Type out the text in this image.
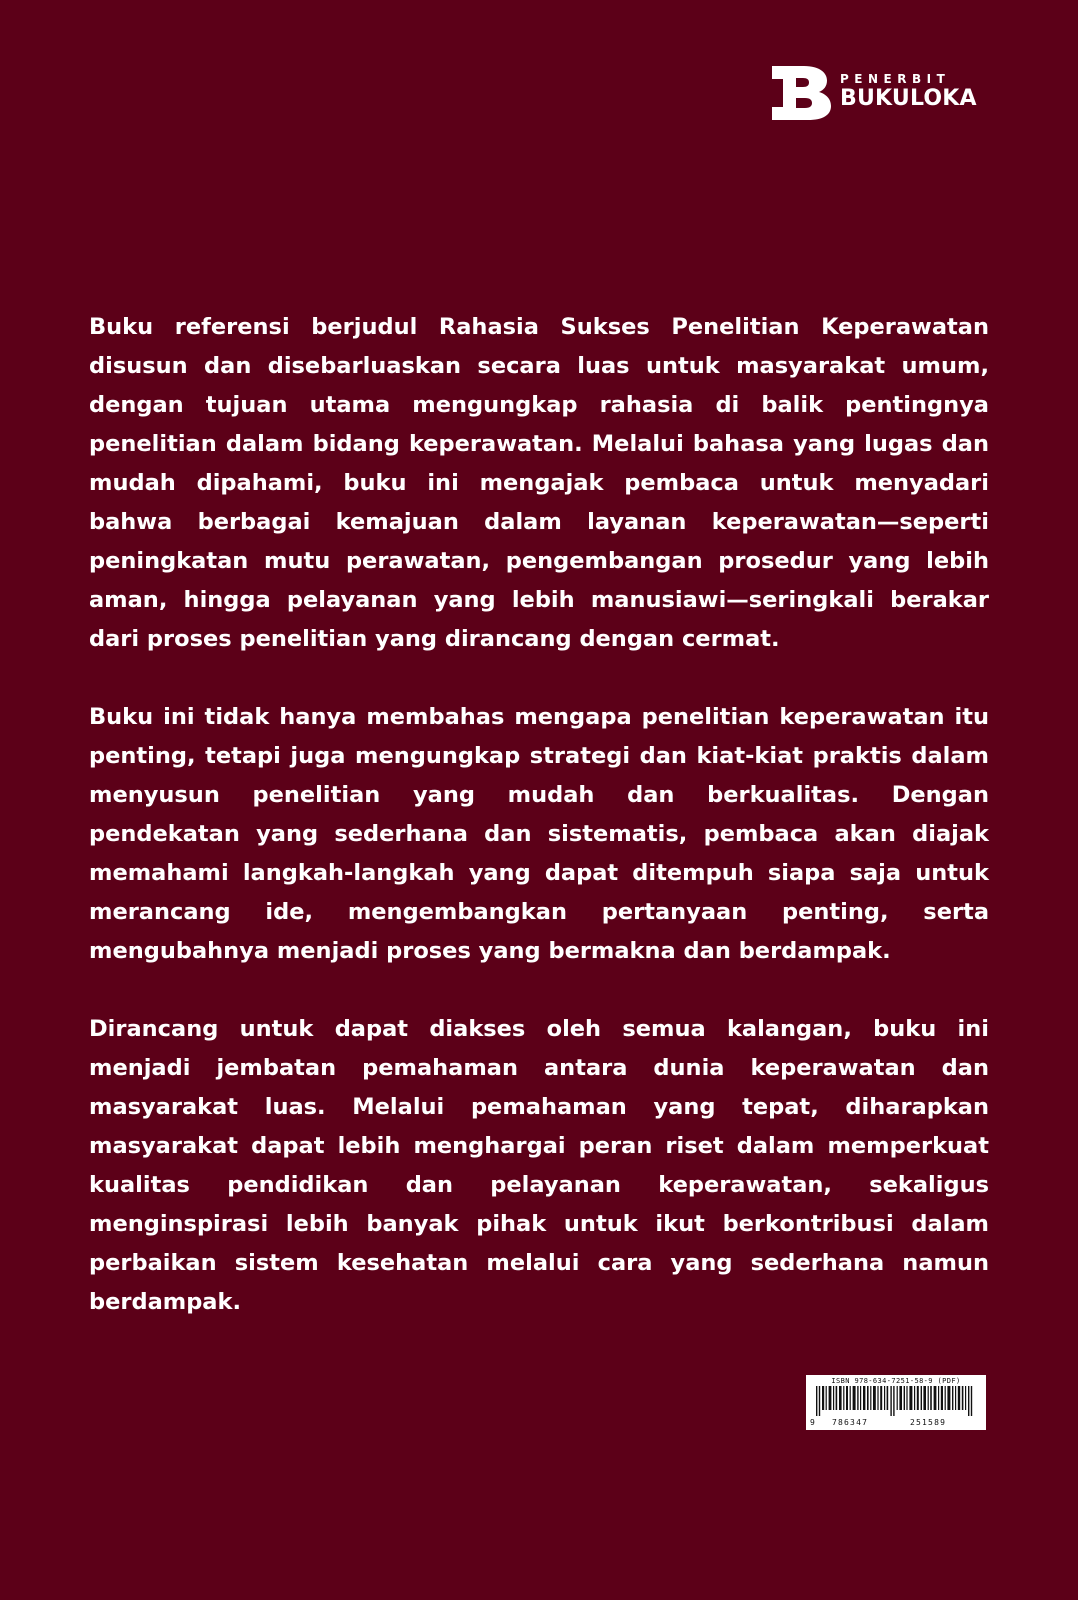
PENERBIT
BUKULOKA

Buku referensi berjudul Rahasia Sukses Penelitian Keperawatan disusun dan disebarluaskan secara luas untuk masyarakat umum, dengan tujuan utama mengungkap rahasia di balik pentingnya penelitian dalam bidang keperawatan. Melalui bahasa yang lugas dan mudah dipahami, buku ini mengajak pembaca untuk menyadari bahwa berbagai kemajuan dalam layanan keperawatan—seperti peningkatan mutu perawatan, pengembangan prosedur yang lebih aman, hingga pelayanan yang lebih manusiawi—seringkali berakar dari proses penelitian yang dirancang dengan cermat.

Buku ini tidak hanya membahas mengapa penelitian keperawatan itu penting, tetapi juga mengungkap strategi dan kiat-kiat praktis dalam menyusun penelitian yang mudah dan berkualitas. Dengan pendekatan yang sederhana dan sistematis, pembaca akan diajak memahami langkah-langkah yang dapat ditempuh siapa saja untuk merancang ide, mengembangkan pertanyaan penting, serta mengubahnya menjadi proses yang bermakna dan berdampak.

Dirancang untuk dapat diakses oleh semua kalangan, buku ini menjadi jembatan pemahaman antara dunia keperawatan dan masyarakat luas. Melalui pemahaman yang tepat, diharapkan masyarakat dapat lebih menghargai peran riset dalam memperkuat kualitas pendidikan dan pelayanan keperawatan, sekaligus menginspirasi lebih banyak pihak untuk ikut berkontribusi dalam perbaikan sistem kesehatan melalui cara yang sederhana namun berdampak.

ISBN 978-634-7251-58-9 (PDF)
9 786347	251589
